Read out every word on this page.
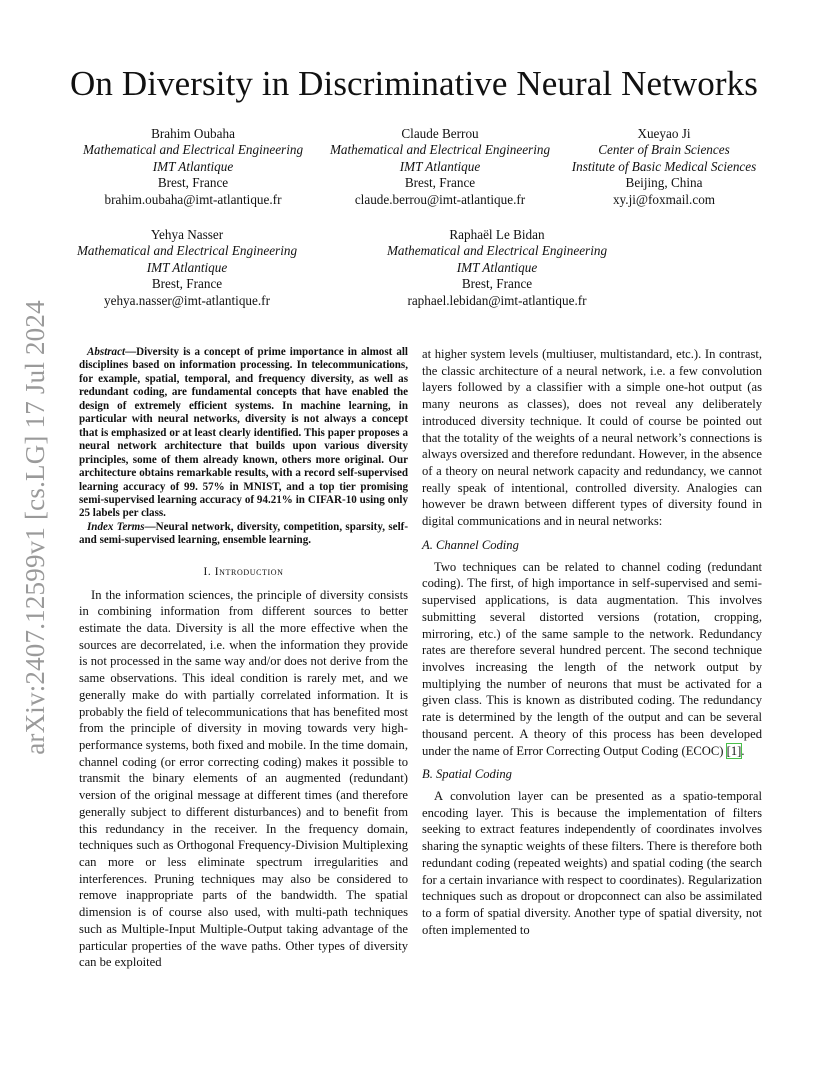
arXiv:2407.12599v1 [cs.LG] 17 Jul 2024
On Diversity in Discriminative Neural Networks
Brahim Oubaha
Mathematical and Electrical Engineering
IMT Atlantique
Brest, France
brahim.oubaha@imt-atlantique.fr
Claude Berrou
Mathematical and Electrical Engineering
IMT Atlantique
Brest, France
claude.berrou@imt-atlantique.fr
Xueyao Ji
Center of Brain Sciences
Institute of Basic Medical Sciences
Beijing, China
xy.ji@foxmail.com
Yehya Nasser
Mathematical and Electrical Engineering
IMT Atlantique
Brest, France
yehya.nasser@imt-atlantique.fr
Raphaël Le Bidan
Mathematical and Electrical Engineering
IMT Atlantique
Brest, France
raphael.lebidan@imt-atlantique.fr

Abstract—Diversity is a concept of prime importance in almost all disciplines based on information processing. In telecommunications, for example, spatial, temporal, and frequency diversity, as well as redundant coding, are fundamental concepts that have enabled the design of extremely efficient systems. In machine learning, in particular with neural networks, diversity is not always a concept that is emphasized or at least clearly identified. This paper proposes a neural network architecture that builds upon various diversity principles, some of them already known, others more original. Our architecture obtains remarkable results, with a record self-supervised learning accuracy of 99. 57% in MNIST, and a top tier promising semi-supervised learning accuracy of 94.21% in CIFAR-10 using only 25 labels per class.

Index Terms—Neural network, diversity, competition, sparsity, self- and semi-supervised learning, ensemble learning.

I. Introduction

In the information sciences, the principle of diversity consists in combining information from different sources to better estimate the data. Diversity is all the more effective when the sources are decorrelated, i.e. when the information they provide is not processed in the same way and/or does not derive from the same observations. This ideal condition is rarely met, and we generally make do with partially correlated information. It is probably the field of telecommunications that has benefited most from the principle of diversity in moving towards very high-performance systems, both fixed and mobile. In the time domain, channel coding (or error correcting coding) makes it possible to transmit the binary elements of an augmented (redundant) version of the original message at different times (and therefore generally subject to different disturbances) and to benefit from this redundancy in the receiver. In the frequency domain, techniques such as Orthogonal Frequency-Division Multiplexing can more or less eliminate spectrum irregularities and interferences. Pruning techniques may also be considered to remove inappropriate parts of the bandwidth. The spatial dimension is of course also used, with multi-path techniques such as Multiple-Input Multiple-Output taking advantage of the particular properties of the wave paths. Other types of diversity can be exploited

at higher system levels (multiuser, multistandard, etc.). In contrast, the classic architecture of a neural network, i.e. a few convolution layers followed by a classifier with a simple one-hot output (as many neurons as classes), does not reveal any deliberately introduced diversity technique. It could of course be pointed out that the totality of the weights of a neural network’s connections is always oversized and therefore redundant. However, in the absence of a theory on neural network capacity and redundancy, we cannot really speak of intentional, controlled diversity. Analogies can however be drawn between different types of diversity found in digital communications and in neural networks:

A. Channel Coding

Two techniques can be related to channel coding (redundant coding). The first, of high importance in self-supervised and semi-supervised applications, is data augmentation. This involves submitting several distorted versions (rotation, cropping, mirroring, etc.) of the same sample to the network. Redundancy rates are therefore several hundred percent. The second technique involves increasing the length of the network output by multiplying the number of neurons that must be activated for a given class. This is known as distributed coding. The redundancy rate is determined by the length of the output and can be several thousand percent. A theory of this process has been developed under the name of Error Correcting Output Coding (ECOC) [1].

B. Spatial Coding

A convolution layer can be presented as a spatio-temporal encoding layer. This is because the implementation of filters seeking to extract features independently of coordinates involves sharing the synaptic weights of these filters. There is therefore both redundant coding (repeated weights) and spatial coding (the search for a certain invariance with respect to coordinates). Regularization techniques such as dropout or dropconnect can also be assimilated to a form of spatial diversity. Another type of spatial diversity, not often implemented to
